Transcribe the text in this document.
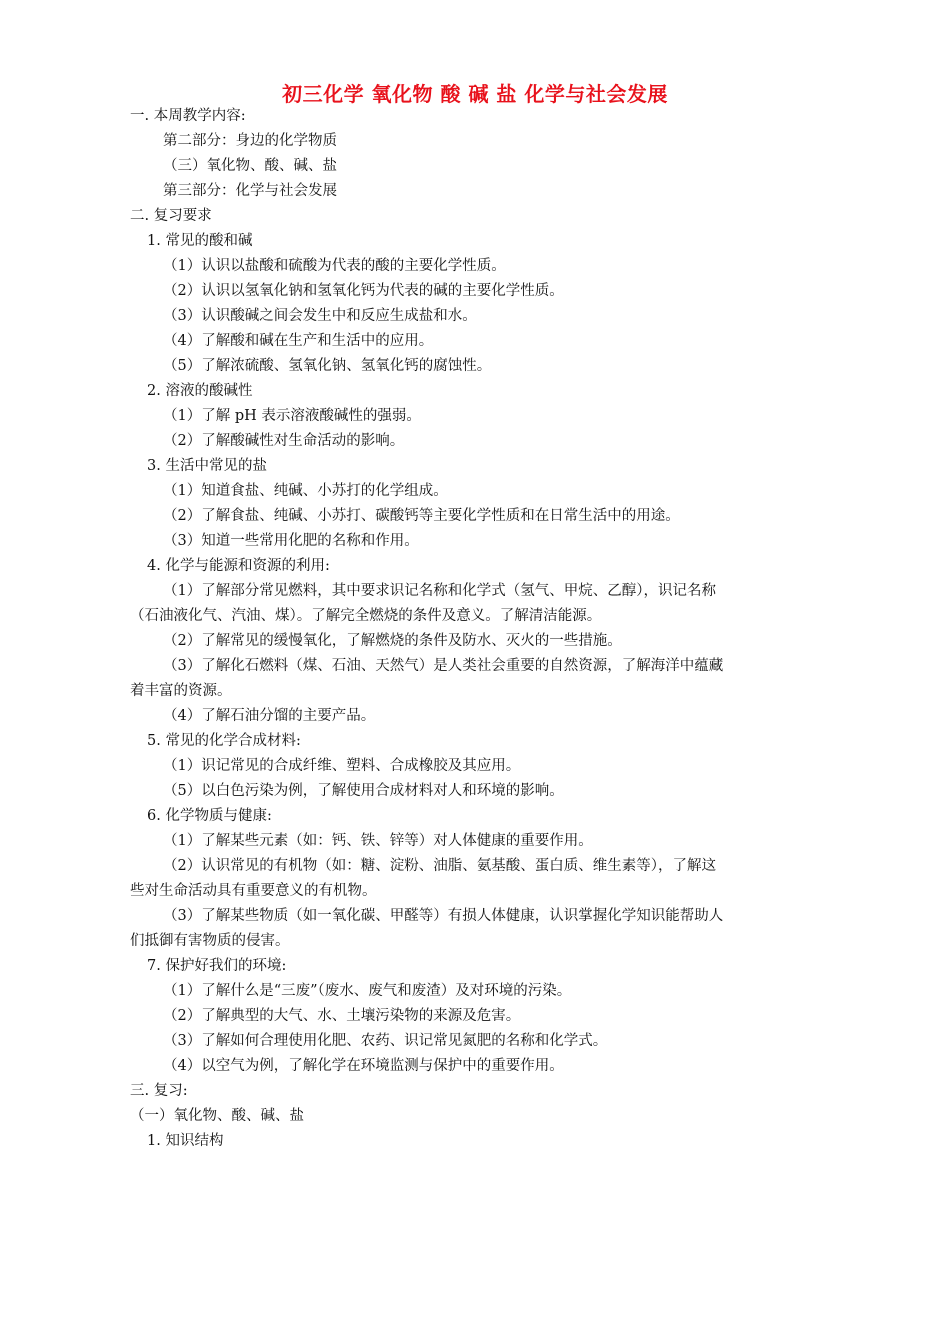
初三化学 氧化物 酸 碱 盐 化学与社会发展
一. 本周教学内容:
第二部分：身边的化学物质
（三）氧化物、酸、碱、盐
第三部分：化学与社会发展
二. 复习要求
1. 常见的酸和碱
（1）认识以盐酸和硫酸为代表的酸的主要化学性质。
（2）认识以氢氧化钠和氢氧化钙为代表的碱的主要化学性质。
（3）认识酸碱之间会发生中和反应生成盐和水。
（4）了解酸和碱在生产和生活中的应用。
（5）了解浓硫酸、氢氧化钠、氢氧化钙的腐蚀性。
2. 溶液的酸碱性
（1）了解 pH 表示溶液酸碱性的强弱。
（2）了解酸碱性对生命活动的影响。
3. 生活中常见的盐
（1）知道食盐、纯碱、小苏打的化学组成。
（2）了解食盐、纯碱、小苏打、碳酸钙等主要化学性质和在日常生活中的用途。
（3）知道一些常用化肥的名称和作用。
4. 化学与能源和资源的利用:
（1）了解部分常见燃料，其中要求识记名称和化学式（氢气、甲烷、乙醇），识记名称
（石油液化气、汽油、煤）。了解完全燃烧的条件及意义。了解清洁能源。
（2）了解常见的缓慢氧化，了解燃烧的条件及防水、灭火的一些措施。
（3）了解化石燃料（煤、石油、天然气）是人类社会重要的自然资源，了解海洋中蕴藏
着丰富的资源。
（4）了解石油分馏的主要产品。
5. 常见的化学合成材料:
（1）识记常见的合成纤维、塑料、合成橡胶及其应用。
（5）以白色污染为例，了解使用合成材料对人和环境的影响。
6. 化学物质与健康:
（1）了解某些元素（如：钙、铁、锌等）对人体健康的重要作用。
（2）认识常见的有机物（如：糖、淀粉、油脂、氨基酸、蛋白质、维生素等），了解这
些对生命活动具有重要意义的有机物。
（3）了解某些物质（如一氧化碳、甲醛等）有损人体健康，认识掌握化学知识能帮助人
们抵御有害物质的侵害。
7. 保护好我们的环境:
（1）了解什么是“三废”（废水、废气和废渣）及对环境的污染。
（2）了解典型的大气、水、土壤污染物的来源及危害。
（3）了解如何合理使用化肥、农药、识记常见氮肥的名称和化学式。
（4）以空气为例，了解化学在环境监测与保护中的重要作用。
三. 复习:
（一）氧化物、酸、碱、盐
1. 知识结构
